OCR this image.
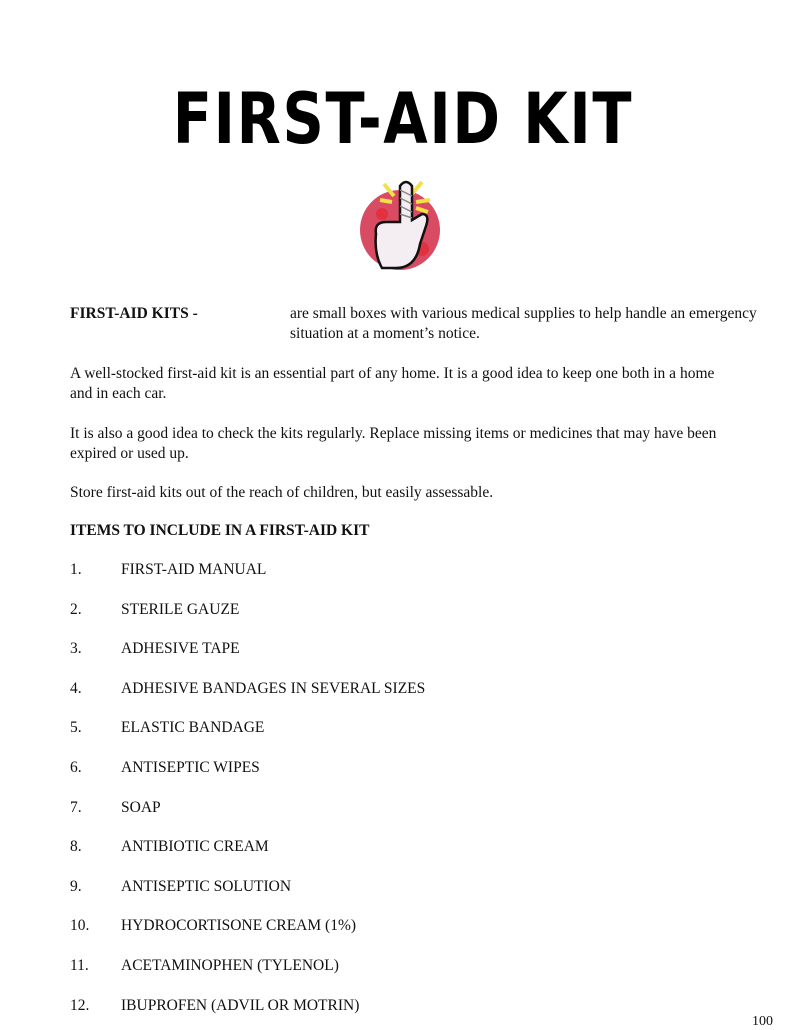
FIRST-AID KIT
FIRST-AID KITS -	are small boxes with various medical supplies to help handle an emergency situation at a moment’s notice.
A well-stocked first-aid kit is an essential part of any home. It is a good idea to keep one both in a home and in each car.
It is also a good idea to check the kits regularly. Replace missing items or medicines that may have been expired or used up.
Store first-aid kits out of the reach of children, but easily assessable.
ITEMS TO INCLUDE IN A FIRST-AID KIT
1.	FIRST-AID MANUAL
2.	STERILE GAUZE
3.	ADHESIVE TAPE
4.	ADHESIVE BANDAGES IN SEVERAL SIZES
5.	ELASTIC BANDAGE
6.	ANTISEPTIC WIPES
7.	SOAP
8.	ANTIBIOTIC CREAM
9.	ANTISEPTIC SOLUTION
10. HYDROCORTISONE CREAM (1%)
11. ACETAMINOPHEN (TYLENOL)
12. IBUPROFEN (ADVIL OR MOTRIN)
100
